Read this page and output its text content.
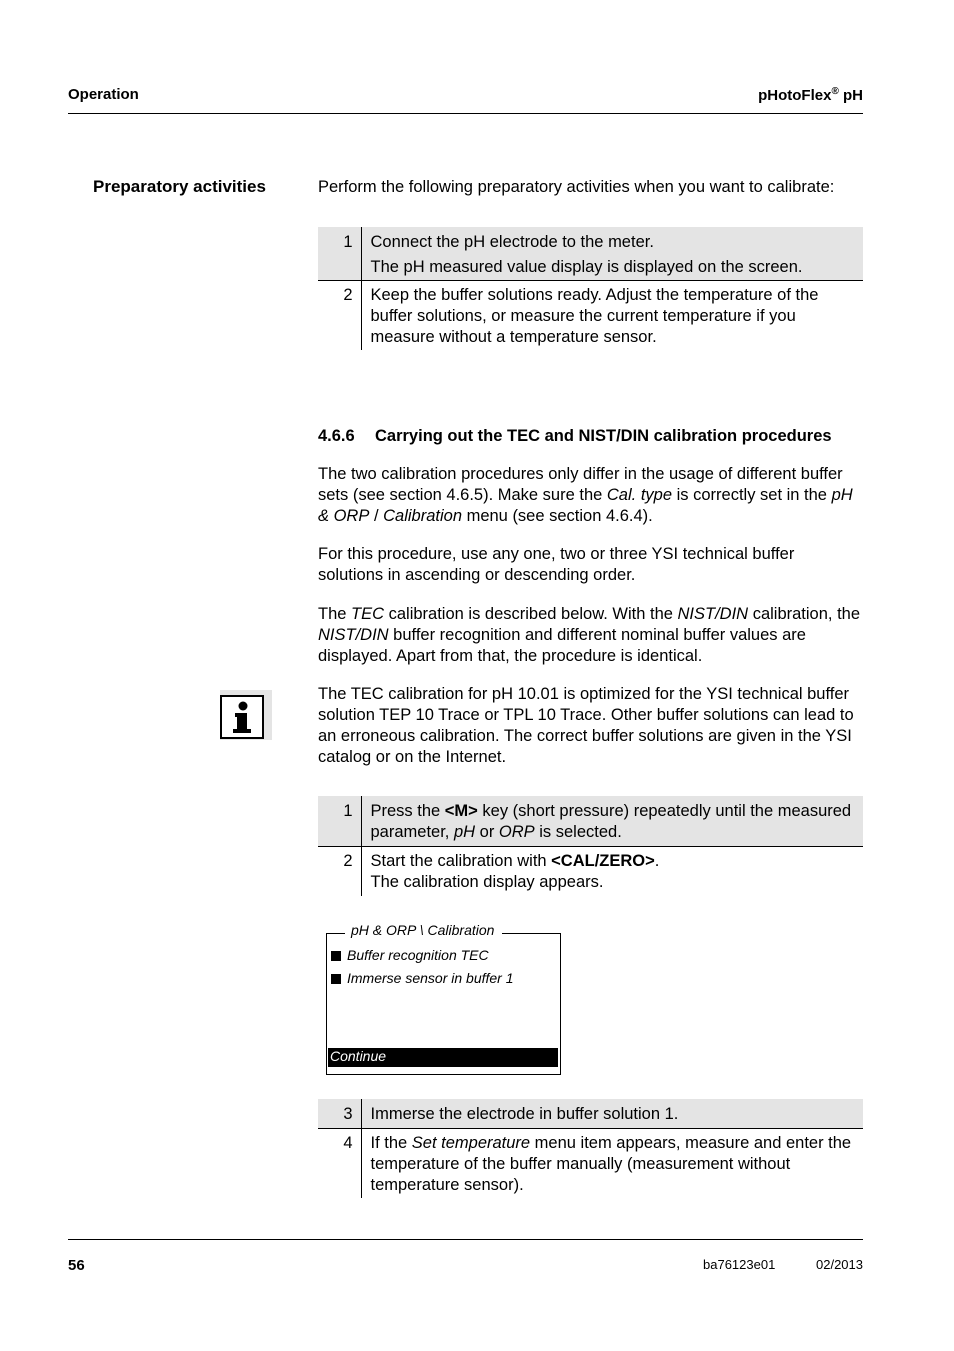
Operation	pHotoFlex® pH
Preparatory activities	Perform the following preparatory activities when you want to calibrate:
1	Connect the pH electrode to the meter.
The pH measured value display is displayed on the screen.

2	Keep the buffer solutions ready. Adjust the temperature of the buffer solutions, or measure the current temperature if you measure without a temperature sensor.
4.6.6 Carrying out the TEC and NIST/DIN calibration procedures
The two calibration procedures only differ in the usage of different buffer sets (see section 4.6.5). Make sure the Cal. type is correctly set in the pH & ORP / Calibration menu (see section 4.6.4).
For this procedure, use any one, two or three YSI technical buffer solutions in ascending or descending order.
The TEC calibration is described below. With the NIST/DIN calibration, the NIST/DIN buffer recognition and different nominal buffer values are displayed. Apart from that, the procedure is identical.
The TEC calibration for pH 10.01 is optimized for the YSI technical buffer solution TEP 10 Trace or TPL 10 Trace. Other buffer solutions can lead to an erroneous calibration. The correct buffer solutions are given in the YSI catalog or on the Internet.
1	Press the <M> key (short pressure) repeatedly until the measured parameter, pH or ORP is selected.
2	Start the calibration with <CAL/ZERO>.
The calibration display appears.
pH & ORP \ Calibration
Buffer recognition TEC
Immerse sensor in buffer 1
Continue
3	Immerse the electrode in buffer solution 1.
4	If the Set temperature menu item appears, measure and enter the temperature of the buffer manually (measurement without temperature sensor).
56	ba76123e01	02/2013
